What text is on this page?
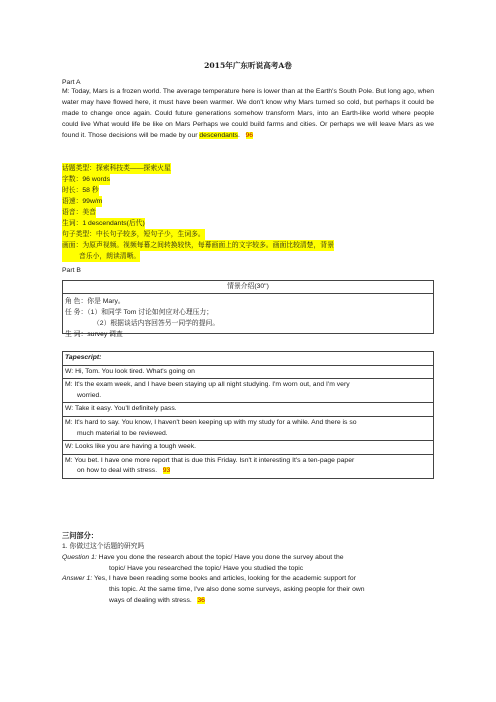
2015年广东听说高考A卷
Part A

M: Today, Mars is a frozen world. The average temperature here is lower than at the Earth's South Pole. But long ago, when water may have flowed here, it must have been warmer. We don't know why Mars turned so cold, but perhaps it could be made to change once again. Could future generations somehow transform Mars, into an Earth-like world where people could live What would life be like on Mars Perhaps we could build farms and cities. Or perhaps we will leave Mars as we found it. Those decisions will be made by our descendants. 96

话题类型：探索科技类——探索火星
字数：96 words
时长：58 秒
语速：99w/m
语音：美音
生词：1 descendants(后代)
句子类型：中长句子较多，短句子少，生词多。
画面：为原声视频。视频每幕之间转换较快，每幕画面上的文字较多。画面比较清楚，背景
音乐小，朗读清晰。
Part B
情景介绍(30")
角 色：你是 Mary。
任 务：（1）和同学 Tom 讨论如何应对心理压力；
（2）根据谈话内容回答另一同学的提问。
生 词：survey 调查
Tapescript:
W: Hi, Tom. You look tired. What's going on
M: It's the exam week, and I have been staying up all night studying. I'm worn out, and I'm very
worried.
W: Take it easy. You'll definitely pass.
M: It's hard to say. You know, I haven't been keeping up with my study for a while. And there is so
much material to be reviewed.
W: Looks like you are having a tough week.
M: You bet. I have one more report that is due this Friday. Isn't it interesting It's a ten-page paper
on how to deal with stress. 93
三问部分：
1. 你做过这个话题的研究吗
Question 1: Have you done the research about the topic/ Have you done the survey about the
topic/ Have you researched the topic/ Have you studied the topic
Answer 1: Yes, I have been reading some books and articles, looking for the academic support for
this topic. At the same time, I've also done some surveys, asking people for their own
ways of dealing with stress. 36
